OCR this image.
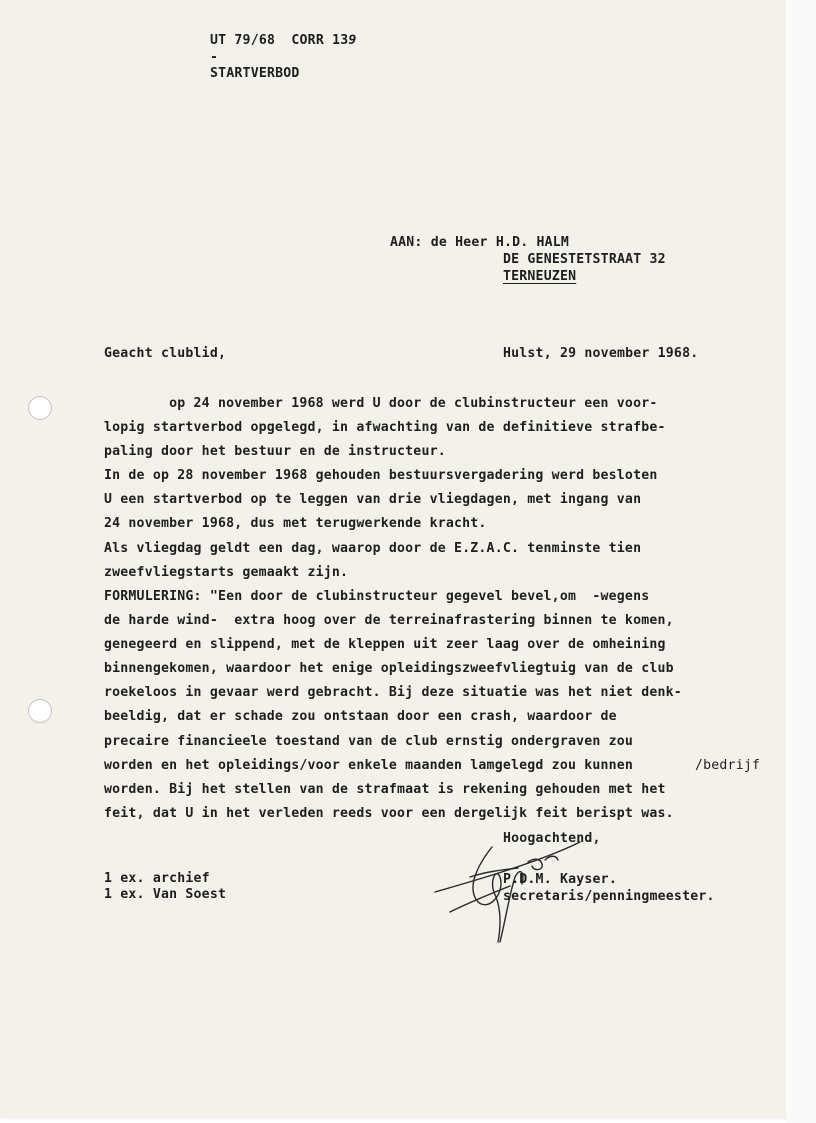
UT 79/68  CORR 139
-
STARTVERBOD
AAN: de Heer H.D. HALM
DE GENESTETSTRAAT 32
TERNEUZEN
Geacht clublid,	Hulst, 29 november 1968.
op 24 november 1968 werd U door de clubinstructeur een voor-
lopig startverbod opgelegd, in afwachting van de definitieve strafbe-
paling door het bestuur en de instructeur.
In de op 28 november 1968 gehouden bestuursvergadering werd besloten
U een startverbod op te leggen van drie vliegdagen, met ingang van
24 november 1968, dus met terugwerkende kracht.
Als vliegdag geldt een dag, waarop door de E.Z.A.C. tenminste tien
zweefvliegstarts gemaakt zijn.
FORMULERING: "Een door de clubinstructeur gegevel bevel,om  -wegens
de harde wind-  extra hoog over de terreinafrastering binnen te komen,
genegeerd en slippend, met de kleppen uit zeer laag over de omheining
binnengekomen, waardoor het enige opleidingszweefvliegtuig van de club
roekeloos in gevaar werd gebracht. Bij deze situatie was het niet denk-
beeldig, dat er schade zou ontstaan door een crash, waardoor de
precaire financieele toestand van de club ernstig ondergraven zou
worden en het opleidings/voor enkele maanden lamgelegd zou kunnen
worden. Bij het stellen van de strafmaat is rekening gehouden met het
feit, dat U in het verleden reeds voor een dergelijk feit berispt was.
/bedrijf
Hoogachtend,
P.D.M. Kayser.
secretaris/penningmeester.
1 ex. archief
1 ex. Van Soest
